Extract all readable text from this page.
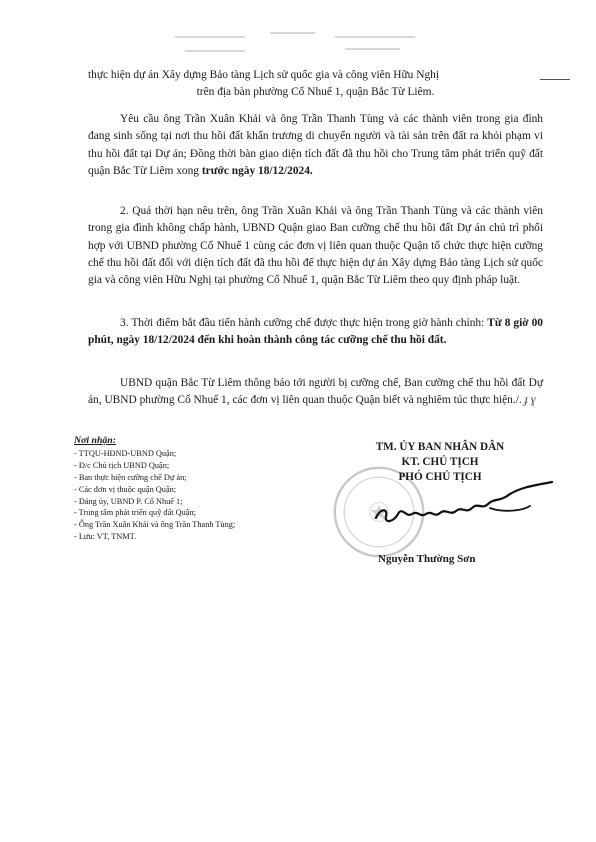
thực hiện dự án Xây dựng Bảo tàng Lịch sử quốc gia và công viên Hữu Nghị

trên địa bàn phường Cổ Nhuế 1, quận Bắc Từ Liêm.

Yêu cầu ông Trần Xuân Khải và ông Trần Thanh Tùng và các thành viên trong gia đình đang sinh sống tại nơi thu hồi đất khẩn trương di chuyển người và tài sản trên đất ra khỏi phạm vi thu hồi đất tại Dự án; Đồng thời bàn giao diện tích đất đã thu hồi cho Trung tâm phát triển quỹ đất quận Bắc Từ Liêm xong trước ngày 18/12/2024.

2. Quá thời hạn nêu trên, ông Trần Xuân Khải và ông Trần Thanh Tùng và các thành viên trong gia đình không chấp hành, UBND Quận giao Ban cưỡng chế thu hồi đất Dự án chủ trì phối hợp với UBND phường Cổ Nhuế 1 cùng các đơn vị liên quan thuộc Quận tổ chức thực hiện cưỡng chế thu hồi đất đối với diện tích đất đã thu hồi để thực hiện dự án Xây dựng Bảo tàng Lịch sử quốc gia và công viên Hữu Nghị tại phường Cổ Nhuế 1, quận Bắc Từ Liêm theo quy định pháp luật.

3. Thời điểm bắt đầu tiến hành cưỡng chế được thực hiện trong giờ hành chính: Từ 8 giờ 00 phút, ngày 18/12/2024 đến khi hoàn thành công tác cưỡng chế thu hồi đất.

UBND quận Bắc Từ Liêm thông báo tới người bị cưỡng chế, Ban cưỡng chế thu hồi đất Dự án, UBND phường Cổ Nhuế 1, các đơn vị liên quan thuộc Quận biết và nghiêm túc thực hiện./. ɟ ɣ

Nơi nhận:
- TTQU-HĐND-UBND Quận;
- Đ/c Chủ tịch UBND Quận;
- Ban thực hiện cưỡng chế Dự án;
- Các đơn vị thuộc quận Quận;
- Đảng ủy, UBND P. Cổ Nhuế 1;
- Trung tâm phát triển quỹ đất Quận;
- Ông Trần Xuân Khải và ông Trần Thanh Tùng;
- Lưu: VT, TNMT.
TM. ỦY BAN NHÂN DÂN
KT. CHỦ TỊCH
PHÓ CHỦ TỊCH
Nguyễn Thường Sơn
